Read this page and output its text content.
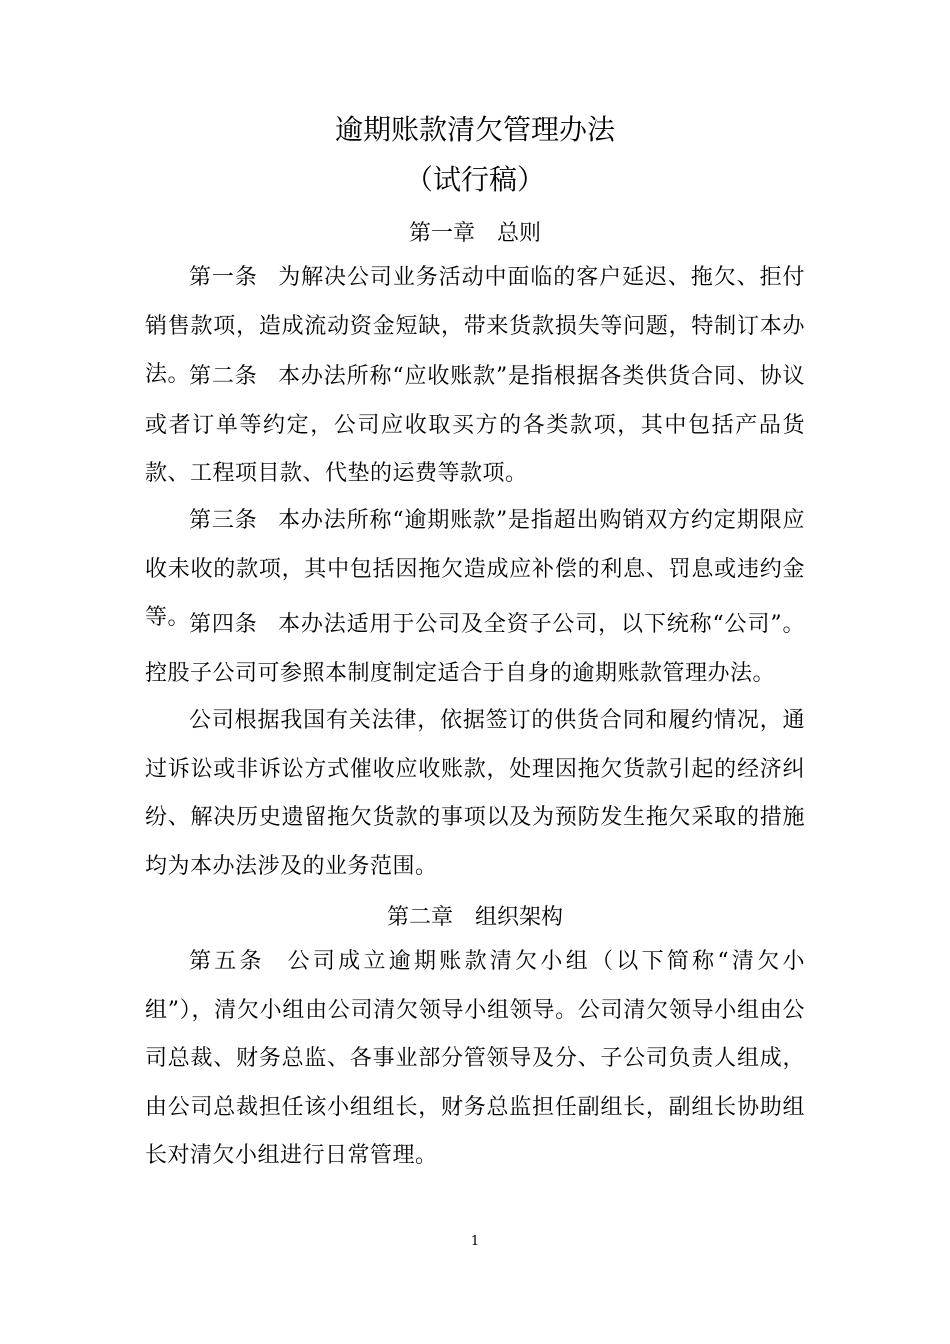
逾期账款清欠管理办法
（试行稿）
第一章　总则

第一条 为解决公司业务活动中面临的客户延迟、拖欠、拒付销售款项，造成流动资金短缺，带来货款损失等问题，特制订本办法。

第二条 本办法所称“应收账款”是指根据各类供货合同、协议或者订单等约定，公司应收取买方的各类款项，其中包括产品货款、工程项目款、代垫的运费等款项。

第三条 本办法所称“逾期账款”是指超出购销双方约定期限应收未收的款项，其中包括因拖欠造成应补偿的利息、罚息或违约金等。

第四条 本办法适用于公司及全资子公司，以下统称“公司”。控股子公司可参照本制度制定适合于自身的逾期账款管理办法。

公司根据我国有关法律，依据签订的供货合同和履约情况，通过诉讼或非诉讼方式催收应收账款，处理因拖欠货款引起的经济纠纷、解决历史遗留拖欠货款的事项以及为预防发生拖欠采取的措施均为本办法涉及的业务范围。

第二章　组织架构

第五条 公司成立逾期账款清欠小组（以下简称“清欠小组”），清欠小组由公司清欠领导小组领导。公司清欠领导小组由公司总裁、财务总监、各事业部分管领导及分、子公司负责人组成，由公司总裁担任该小组组长，财务总监担任副组长，副组长协助组长对清欠小组进行日常管理。

1
